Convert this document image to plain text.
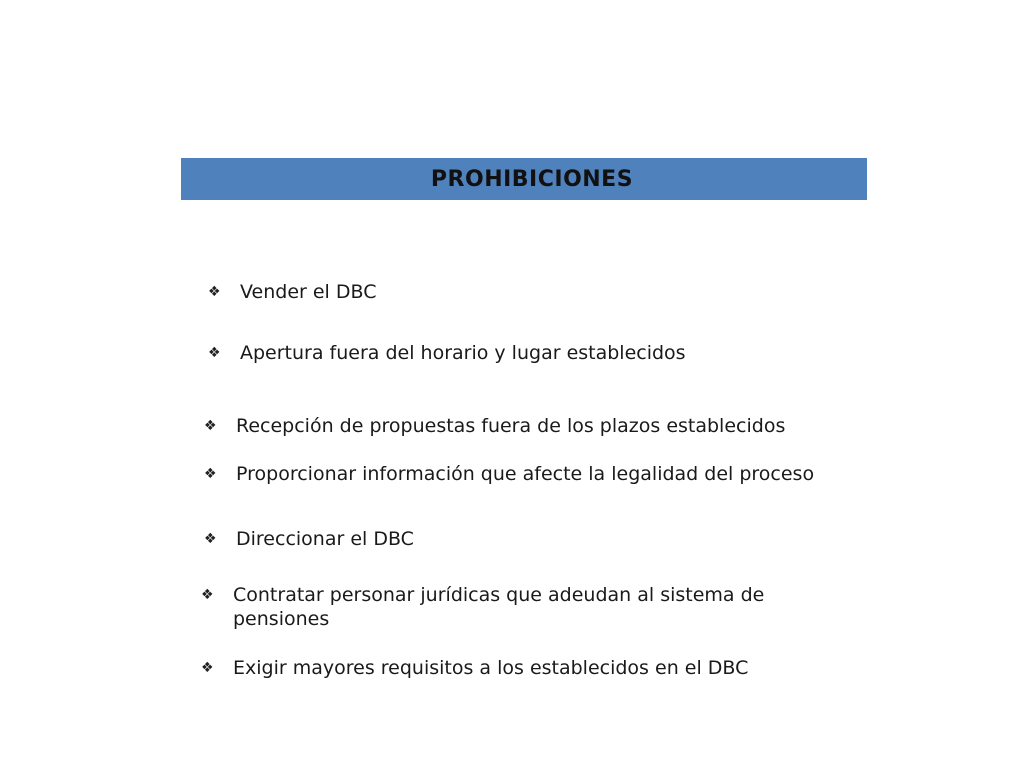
PROHIBICIONES
❖	Vender el DBC
❖	Apertura fuera del horario y lugar establecidos
❖	Recepción de propuestas fuera de los plazos establecidos
❖	Proporcionar información que afecte la legalidad del proceso
❖	Direccionar el DBC
❖	Contratar personar jurídicas que adeudan al sistema de pensiones
❖	Exigir mayores requisitos a los establecidos en el DBC
